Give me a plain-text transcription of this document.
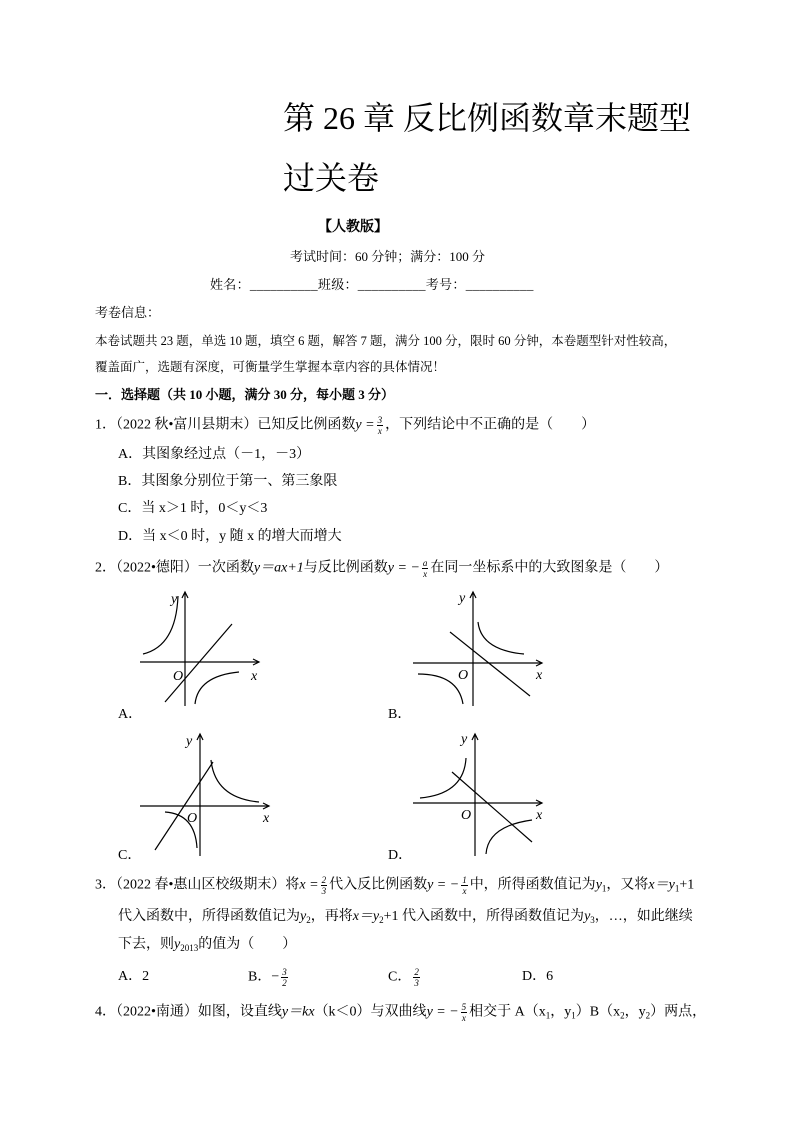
第 26 章 反比例函数章末题型
过关卷
【人教版】
考试时间：60 分钟；满分：100 分
姓名：__________班级：__________考号：__________
考卷信息：
本卷试题共 23 题，单选 10 题，填空 6 题，解答 7 题，满分 100 分，限时 60 分钟，本卷题型针对性较高，
覆盖面广，选题有深度，可衡量学生掌握本章内容的具体情况！
一．选择题（共 10 小题，满分 30 分，每小题 3 分）
1．（2022 秋•富川县期末）已知反比例函数$y = \frac{3}{x}$ ，下列结论中不正确的是（　　）
A．其图象经过点（－1，－3）
B．其图象分别位于第一、第三象限
C．当 x＞1 时，0＜y＜3
D．当 x＜0 时，y 随 x 的增大而增大
2．（2022•德阳）一次函数y＝ax+1与反比例函数y = − $\frac{a}{x}$ 在同一坐标系中的大致图象是（　　）
y
O	x
A．
y
O	x
B．
y
O	x
C．
y
O	x
D．
3．（2022 春•惠山区校级期末）将$x = \frac{2}{3}$ 代入反比例函数y = − $\frac{1}{x}$ 中，所得函数值记为$y_1$，又将$x=y_1+1$
代入函数中，所得函数值记为$y_2$，再将$x=y_2+1$ 代入函数中，所得函数值记为$y_3$，…，如此继续
下去，则$y_{2013}$的值为（　　）
A．2	B．− $\frac{3}{2}$	C． $\frac{2}{3}$	D．6
4．（2022•南通）如图，设直线y＝kx（k＜0）与双曲线y = − $\frac{5}{x}$ 相交于 $A(x_1$，$y_1)B(x_2$，$y_2$）两点，
